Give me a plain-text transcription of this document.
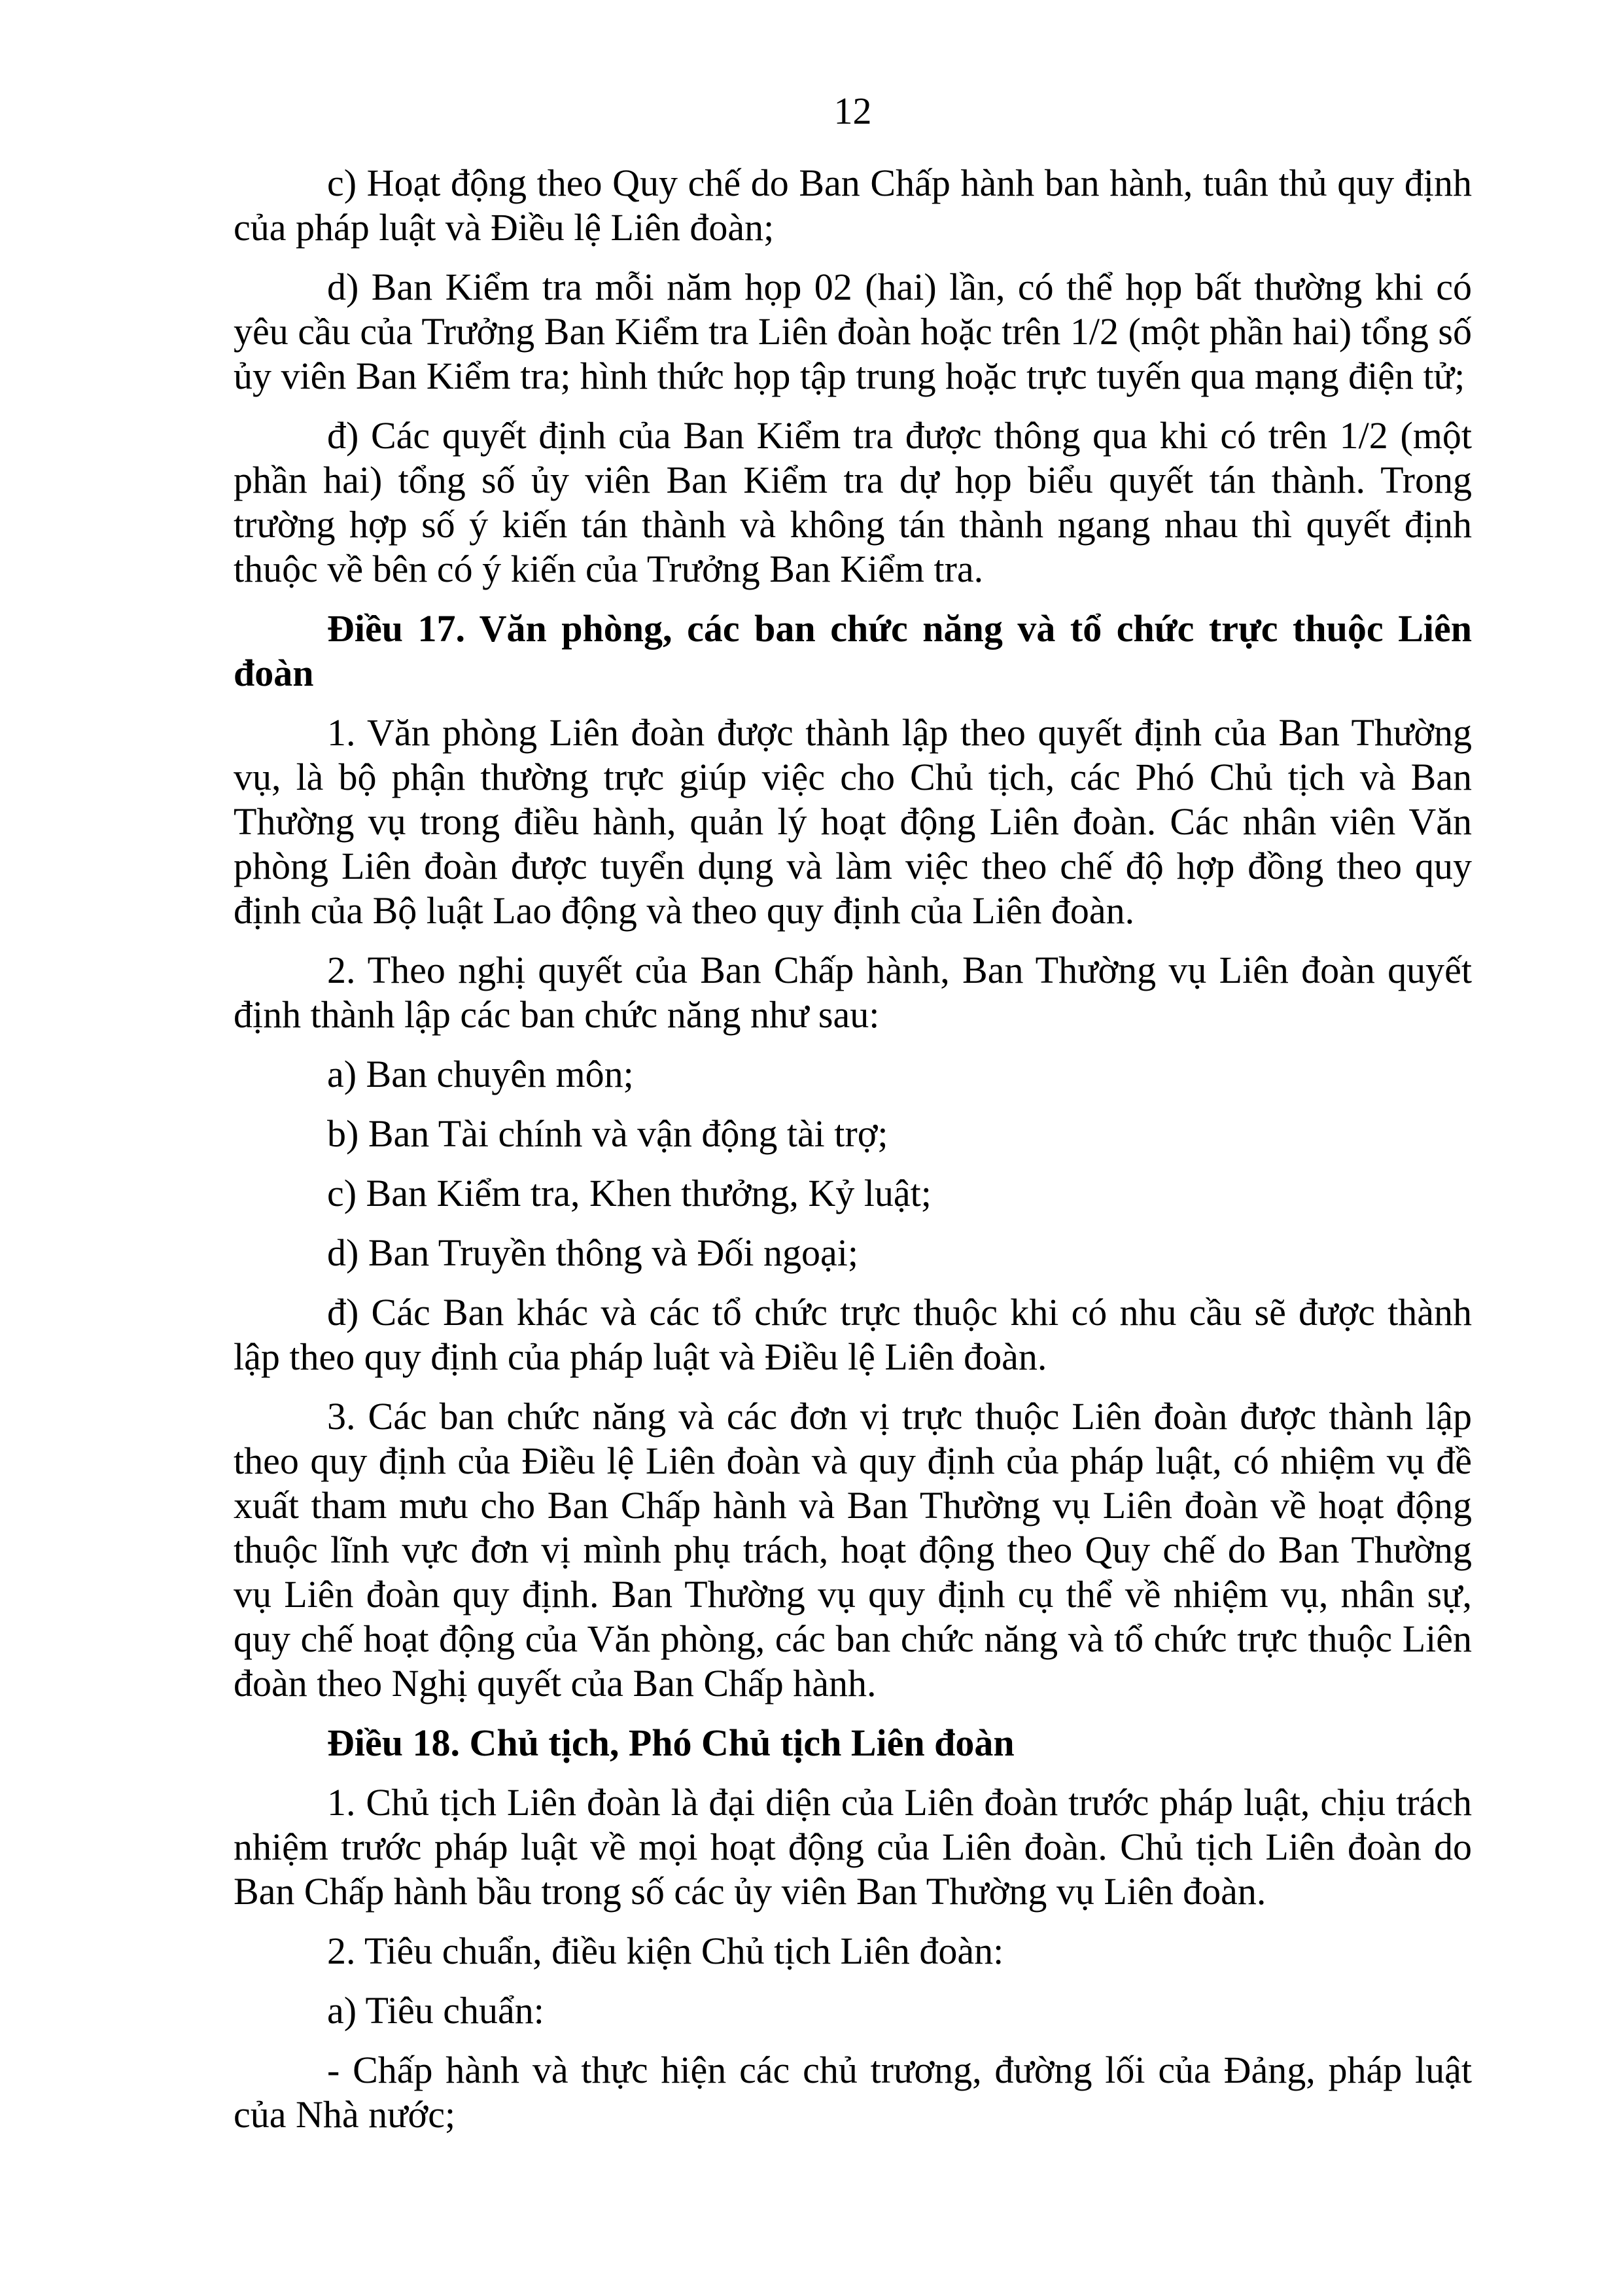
12

c) Hoạt động theo Quy chế do Ban Chấp hành ban hành, tuân thủ quy định của pháp luật và Điều lệ Liên đoàn;

d) Ban Kiểm tra mỗi năm họp 02 (hai) lần, có thể họp bất thường khi có yêu cầu của Trưởng Ban Kiểm tra Liên đoàn hoặc trên 1/2 (một phần hai) tổng số ủy viên Ban Kiểm tra; hình thức họp tập trung hoặc trực tuyến qua mạng điện tử;

đ) Các quyết định của Ban Kiểm tra được thông qua khi có trên 1/2 (một phần hai) tổng số ủy viên Ban Kiểm tra dự họp biểu quyết tán thành. Trong trường hợp số ý kiến tán thành và không tán thành ngang nhau thì quyết định thuộc về bên có ý kiến của Trưởng Ban Kiểm tra.

Điều 17. Văn phòng, các ban chức năng và tổ chức trực thuộc Liên đoàn

1. Văn phòng Liên đoàn được thành lập theo quyết định của Ban Thường vụ, là bộ phận thường trực giúp việc cho Chủ tịch, các Phó Chủ tịch và Ban Thường vụ trong điều hành, quản lý hoạt động Liên đoàn. Các nhân viên Văn phòng Liên đoàn được tuyển dụng và làm việc theo chế độ hợp đồng theo quy định của Bộ luật Lao động và theo quy định của Liên đoàn.

2. Theo nghị quyết của Ban Chấp hành, Ban Thường vụ Liên đoàn quyết định thành lập các ban chức năng như sau:

a) Ban chuyên môn;

b) Ban Tài chính và vận động tài trợ;

c) Ban Kiểm tra, Khen thưởng, Kỷ luật;

d) Ban Truyền thông và Đối ngoại;

đ) Các Ban khác và các tổ chức trực thuộc khi có nhu cầu sẽ được thành lập theo quy định của pháp luật và Điều lệ Liên đoàn.

3. Các ban chức năng và các đơn vị trực thuộc Liên đoàn được thành lập theo quy định của Điều lệ Liên đoàn và quy định của pháp luật, có nhiệm vụ đề xuất tham mưu cho Ban Chấp hành và Ban Thường vụ Liên đoàn về hoạt động thuộc lĩnh vực đơn vị mình phụ trách, hoạt động theo Quy chế do Ban Thường vụ Liên đoàn quy định. Ban Thường vụ quy định cụ thể về nhiệm vụ, nhân sự, quy chế hoạt động của Văn phòng, các ban chức năng và tổ chức trực thuộc Liên đoàn theo Nghị quyết của Ban Chấp hành.

Điều 18. Chủ tịch, Phó Chủ tịch Liên đoàn

1. Chủ tịch Liên đoàn là đại diện của Liên đoàn trước pháp luật, chịu trách nhiệm trước pháp luật về mọi hoạt động của Liên đoàn. Chủ tịch Liên đoàn do Ban Chấp hành bầu trong số các ủy viên Ban Thường vụ Liên đoàn.

2. Tiêu chuẩn, điều kiện Chủ tịch Liên đoàn:

a) Tiêu chuẩn:

- Chấp hành và thực hiện các chủ trương, đường lối của Đảng, pháp luật của Nhà nước;
